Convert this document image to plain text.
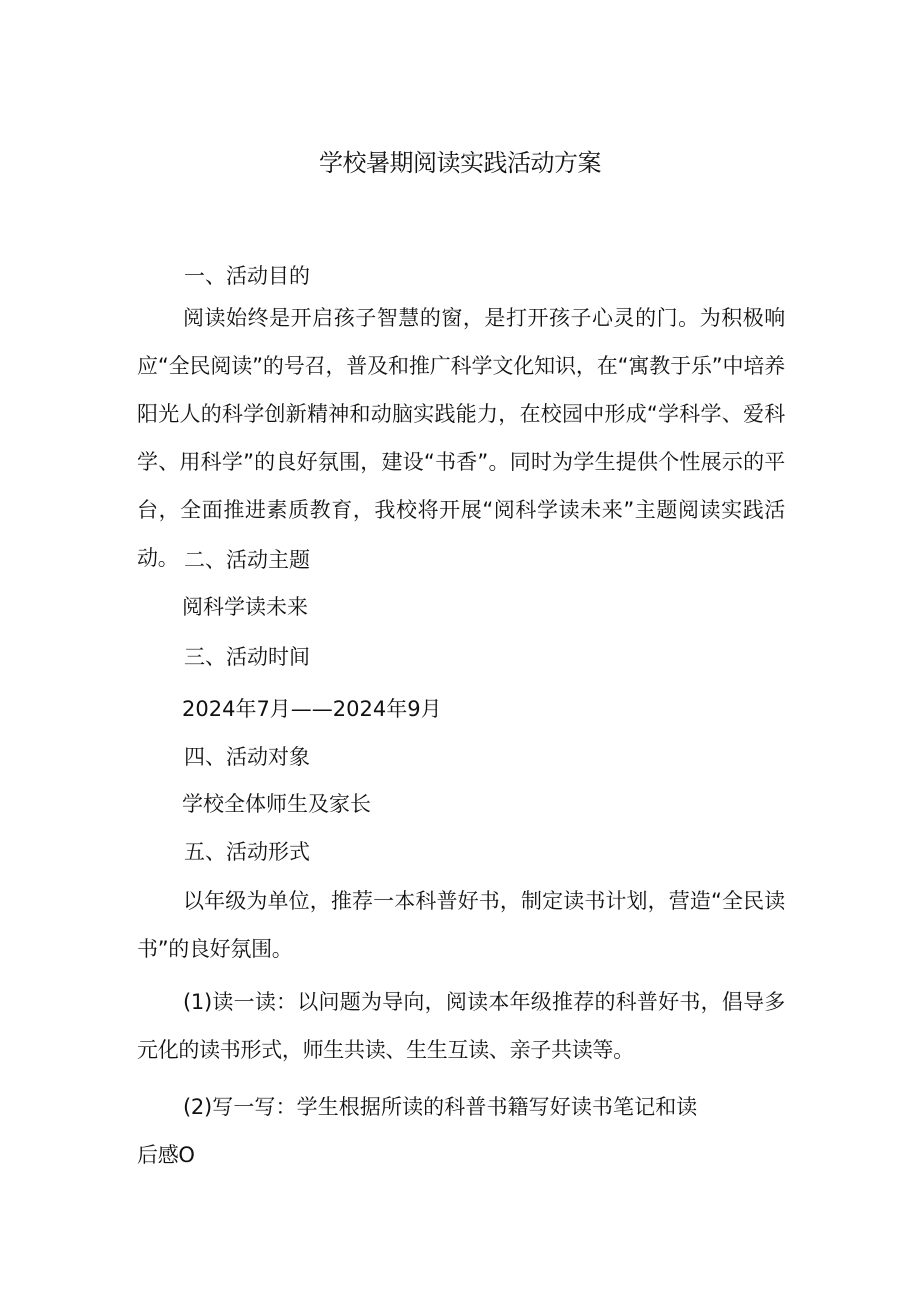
学校暑期阅读实践活动方案

一、活动目的

阅读始终是开启孩子智慧的窗，是打开孩子心灵的门。为积极响应“全民阅读”的号召，普及和推广科学文化知识，在“寓教于乐”中培养阳光人的科学创新精神和动脑实践能力，在校园中形成“学科学、爱科学、用科学”的良好氛围，建设“书香”。同时为学生提供个性展示的平台，全面推进素质教育，我校将开展“阅科学读未来”主题阅读实践活动。 二、活动主题

阅科学读未来

三、活动时间

2024年7月——2024年9月

四、活动对象

学校全体师生及家长

五、活动形式

以年级为单位，推荐一本科普好书，制定读书计划，营造“全民读书”的良好氛围。

(1)读一读：以问题为导向，阅读本年级推荐的科普好书，倡导多元化的读书形式，师生共读、生生互读、亲子共读等。

(2)写一写：学生根据所读的科普书籍写好读书笔记和读后感O
